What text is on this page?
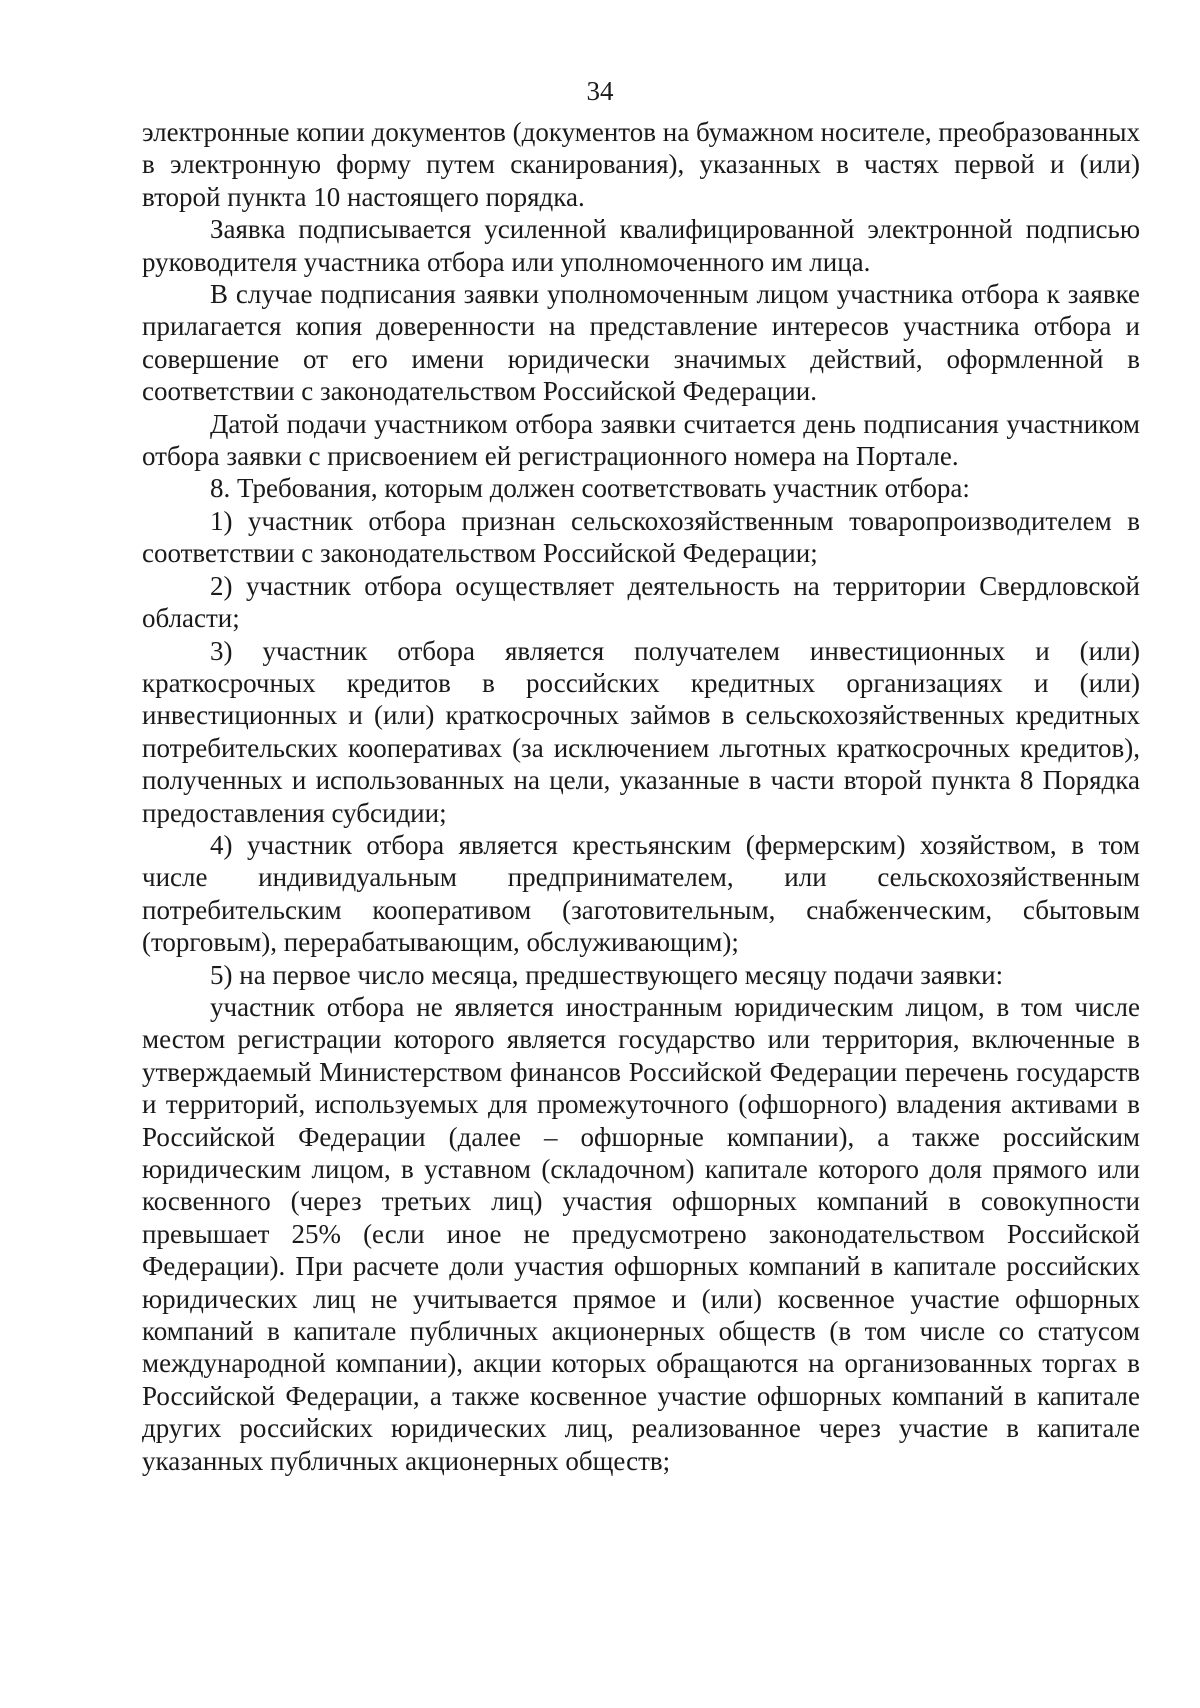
34

электронные копии документов (документов на бумажном носителе, преобразованных в электронную форму путем сканирования), указанных в частях первой и (или) второй пункта 10 настоящего порядка.

Заявка подписывается усиленной квалифицированной электронной подписью руководителя участника отбора или уполномоченного им лица.

В случае подписания заявки уполномоченным лицом участника отбора к заявке прилагается копия доверенности на представление интересов участника отбора и совершение от его имени юридически значимых действий, оформленной в соответствии с законодательством Российской Федерации.

Датой подачи участником отбора заявки считается день подписания участником отбора заявки с присвоением ей регистрационного номера на Портале.

8. Требования, которым должен соответствовать участник отбора:

1) участник отбора признан сельскохозяйственным товаропроизводителем в соответствии с законодательством Российской Федерации;

2) участник отбора осуществляет деятельность на территории Свердловской области;

3) участник отбора является получателем инвестиционных и (или) краткосрочных кредитов в российских кредитных организациях и (или) инвестиционных и (или) краткосрочных займов в сельскохозяйственных кредитных потребительских кооперативах (за исключением льготных краткосрочных кредитов), полученных и использованных на цели, указанные в части второй пункта 8 Порядка предоставления субсидии;

4) участник отбора является крестьянским (фермерским) хозяйством, в том числе индивидуальным предпринимателем, или сельскохозяйственным потребительским кооперативом (заготовительным, снабженческим, сбытовым (торговым), перерабатывающим, обслуживающим);

5) на первое число месяца, предшествующего месяцу подачи заявки:

участник отбора не является иностранным юридическим лицом, в том числе местом регистрации которого является государство или территория, включенные в утверждаемый Министерством финансов Российской Федерации перечень государств и территорий, используемых для промежуточного (офшорного) владения активами в Российской Федерации (далее – офшорные компании), а также российским юридическим лицом, в уставном (складочном) капитале которого доля прямого или косвенного (через третьих лиц) участия офшорных компаний в совокупности превышает 25% (если иное не предусмотрено законодательством Российской Федерации). При расчете доли участия офшорных компаний в капитале российских юридических лиц не учитывается прямое и (или) косвенное участие офшорных компаний в капитале публичных акционерных обществ (в том числе со статусом международной компании), акции которых обращаются на организованных торгах в Российской Федерации, а также косвенное участие офшорных компаний в капитале других российских юридических лиц, реализованное через участие в капитале указанных публичных акционерных обществ;
